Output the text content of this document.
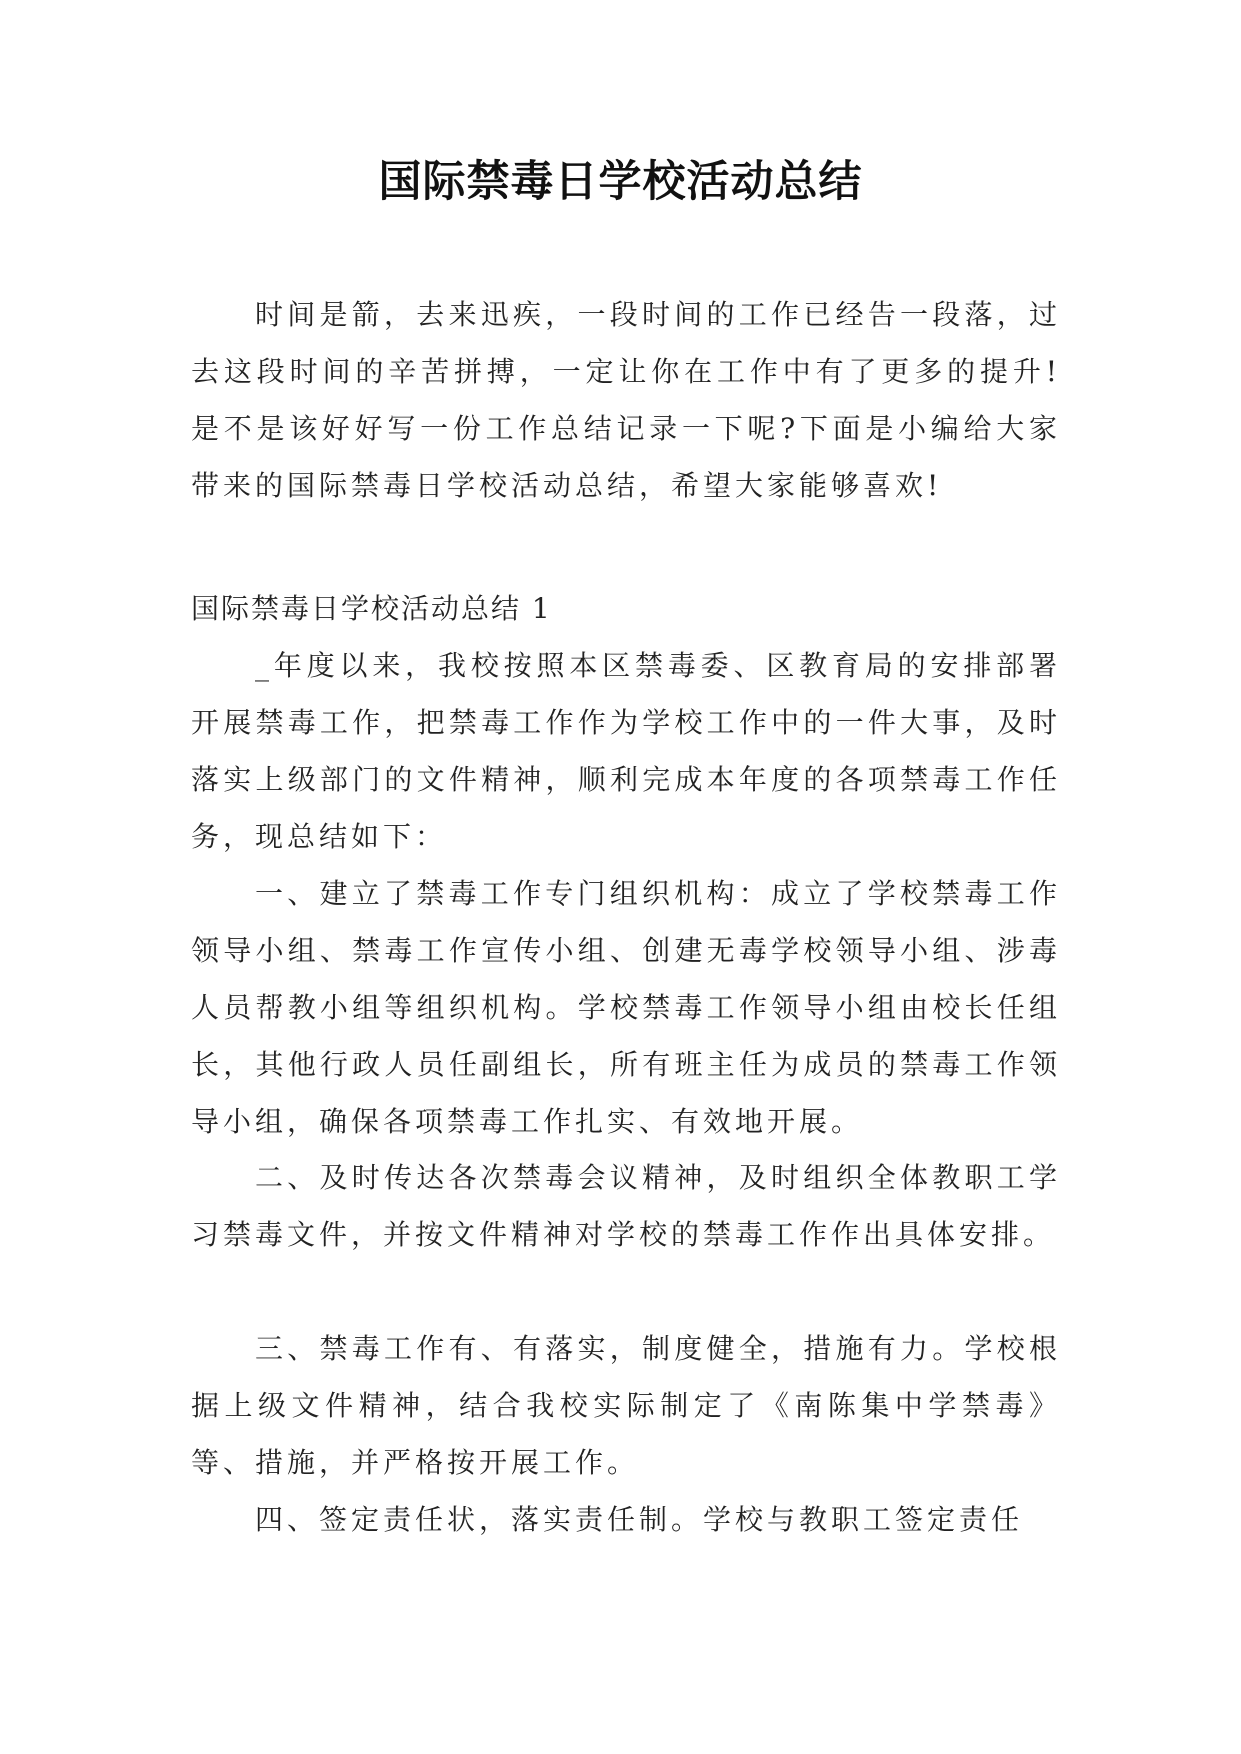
国际禁毒日学校活动总结

时间是箭，去来迅疾，一段时间的工作已经告一段落，过去这段时间的辛苦拼搏，一定让你在工作中有了更多的提升!是不是该好好写一份工作总结记录一下呢?下面是小编给大家带来的国际禁毒日学校活动总结，希望大家能够喜欢!

国际禁毒日学校活动总结 1

_年度以来，我校按照本区禁毒委、区教育局的安排部署开展禁毒工作，把禁毒工作作为学校工作中的一件大事，及时落实上级部门的文件精神，顺利完成本年度的各项禁毒工作任务，现总结如下：

一、建立了禁毒工作专门组织机构：成立了学校禁毒工作领导小组、禁毒工作宣传小组、创建无毒学校领导小组、涉毒人员帮教小组等组织机构。学校禁毒工作领导小组由校长任组长，其他行政人员任副组长，所有班主任为成员的禁毒工作领导小组，确保各项禁毒工作扎实、有效地开展。

二、及时传达各次禁毒会议精神，及时组织全体教职工学习禁毒文件，并按文件精神对学校的禁毒工作作出具体安排。

三、禁毒工作有、有落实，制度健全，措施有力。学校根据上级文件精神，结合我校实际制定了《南陈集中学禁毒》等、措施，并严格按开展工作。

四、签定责任状，落实责任制。学校与教职工签定责任
